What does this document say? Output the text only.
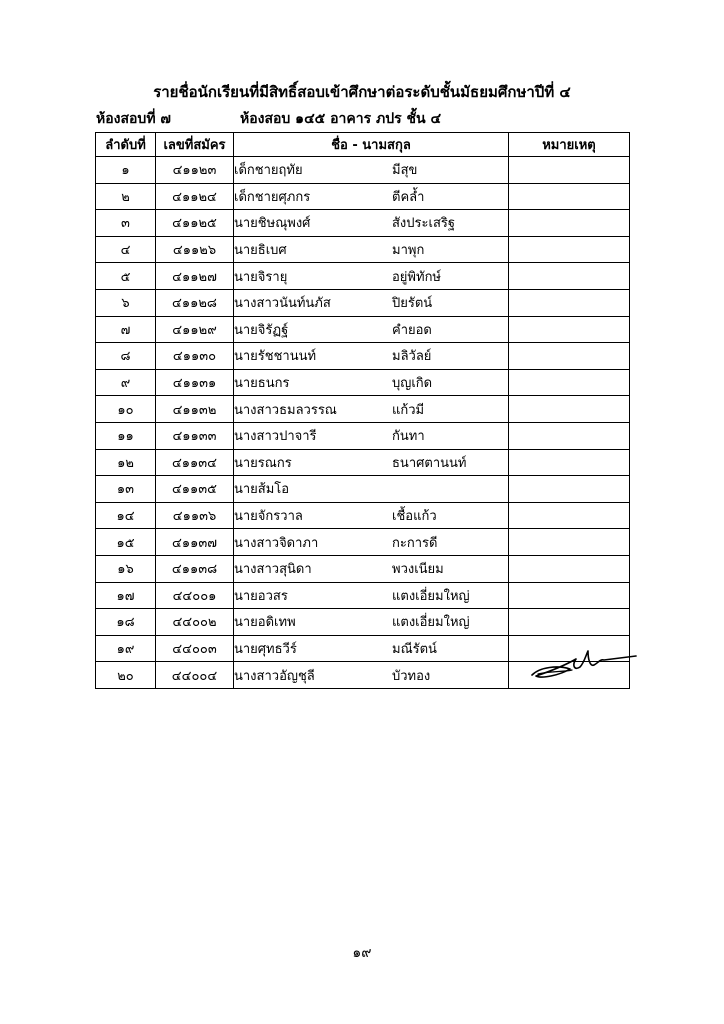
รายชื่อนักเรียนที่มีสิทธิ์สอบเข้าศึกษาต่อระดับชั้นมัธยมศึกษาปีที่ ๔
ห้องสอบที่ ๗	ห้องสอบ ๑๔๕ อาคาร ภปร ชั้น ๔
ลำดับที่	เลขที่สมัคร	ชื่อ - นามสกุล	หมายเหตุ
๑	๔๑๑๒๓	เด็กชายฤทัย มีสุข	
๒	๔๑๑๒๔	เด็กชายศุภกร ตีคล้ำ	
๓	๔๑๑๒๕	นายชิษณุพงศ์ สังประเสริฐ	
๔	๔๑๑๒๖	นายธิเบศ มาพุก	
๕	๔๑๑๒๗	นายจิรายุ อยู่พิทักษ์	
๖	๔๑๑๒๘	นางสาวนันท์นภัส ปิยรัตน์	
๗	๔๑๑๒๙	นายจิรัฏฐ์ คำยอด	
๘	๔๑๑๓๐	นายรัชชานนท์ มลิวัลย์	
๙	๔๑๑๓๑	นายธนกร บุญเกิด	
๑๐	๔๑๑๓๒	นางสาวธมลวรรณ แก้วมี	
๑๑	๔๑๑๓๓	นางสาวปาจารี กันทา	
๑๒	๔๑๑๓๔	นายรณกร ธนาศตานนท์	
๑๓	๔๑๑๓๕	นายส้มโอ	
๑๔	๔๑๑๓๖	นายจักรวาล เชื้อแก้ว	
๑๕	๔๑๑๓๗	นางสาวจิดาภา กะการดี	
๑๖	๔๑๑๓๘	นางสาวสุนิดา พวงเนียม	
๑๗	๔๔๐๐๑	นายอวสร แตงเอี่ยมใหญ่	
๑๘	๔๔๐๐๒	นายอดิเทพ แตงเอี่ยมใหญ่	
๑๙	๔๔๐๐๓	นายศุทธวีร์ มณีรัตน์	
๒๐	๔๔๐๐๔	นางสาวอัญชุลี บัวทอง	
๑๙
